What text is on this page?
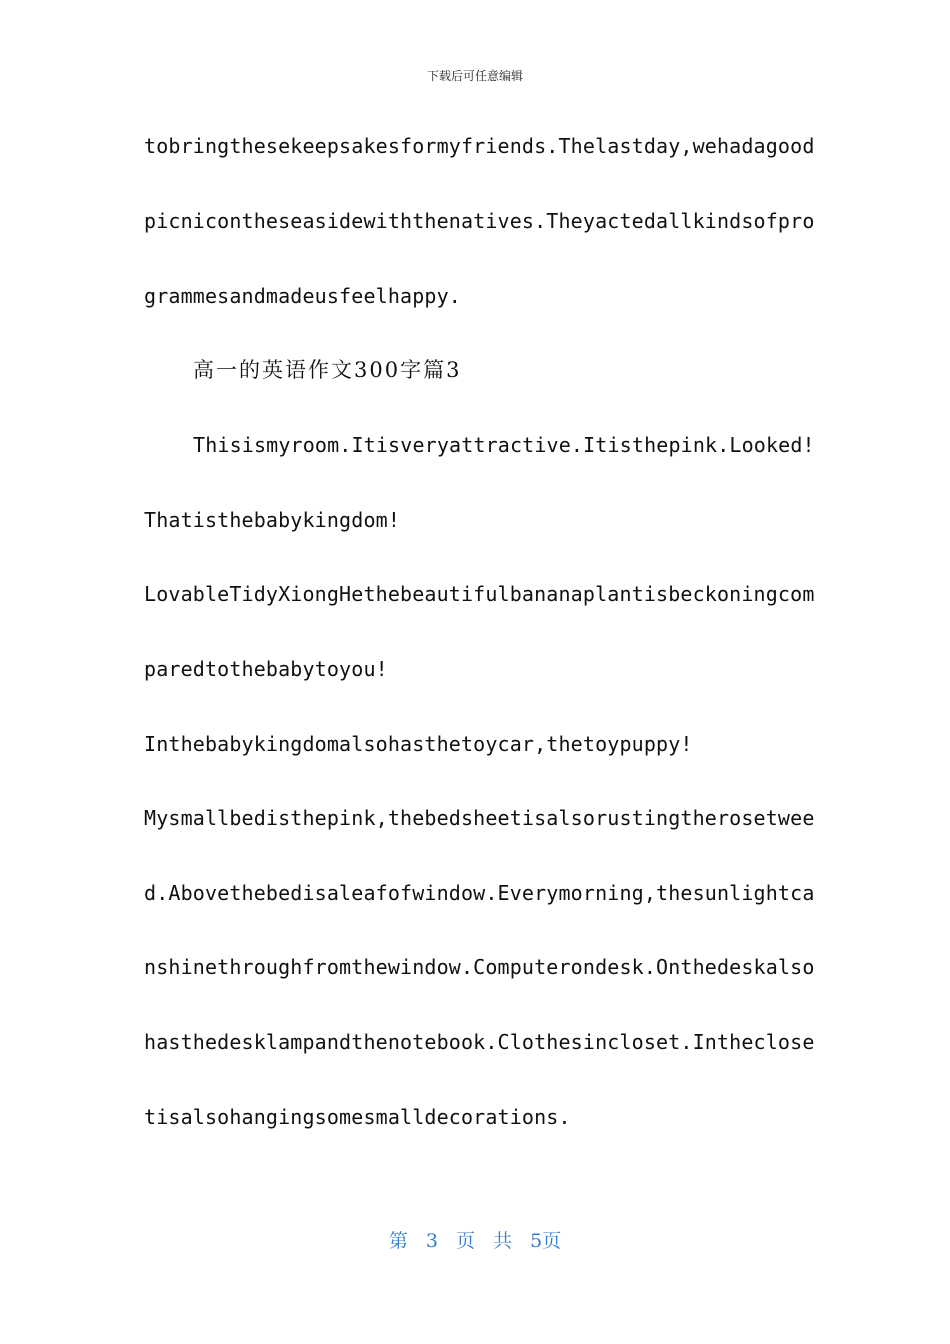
下载后可任意编辑
tobringthesekeepsakesformyfriends.Thelastday,wehadagood
picnicontheseasidewiththenatives.Theyactedallkindsofpro
grammesandmadeusfeelhappy.
高一的英语作文300字篇3
Thisismyroom.Itisveryattractive.Itisthepink.Looked!
Thatisthebabykingdom!
LovableTidyXiongHethebeautifulbananaplantisbeckoningcom
paredtothebabytoyou!
Inthebabykingdomalsohasthetoycar,thetoypuppy!
Mysmallbedisthepink,thebedsheetisalsorustingtherosetwee
d.Abovethebedisaleafofwindow.Everymorning,thesunlightca
nshinethroughfromthewindow.Computerondesk.Onthedeskalso
hasthedesklampandthenotebook.Clothesincloset.Intheclose
tisalsohangingsomesmalldecorations.
第 3 页 共 5页
